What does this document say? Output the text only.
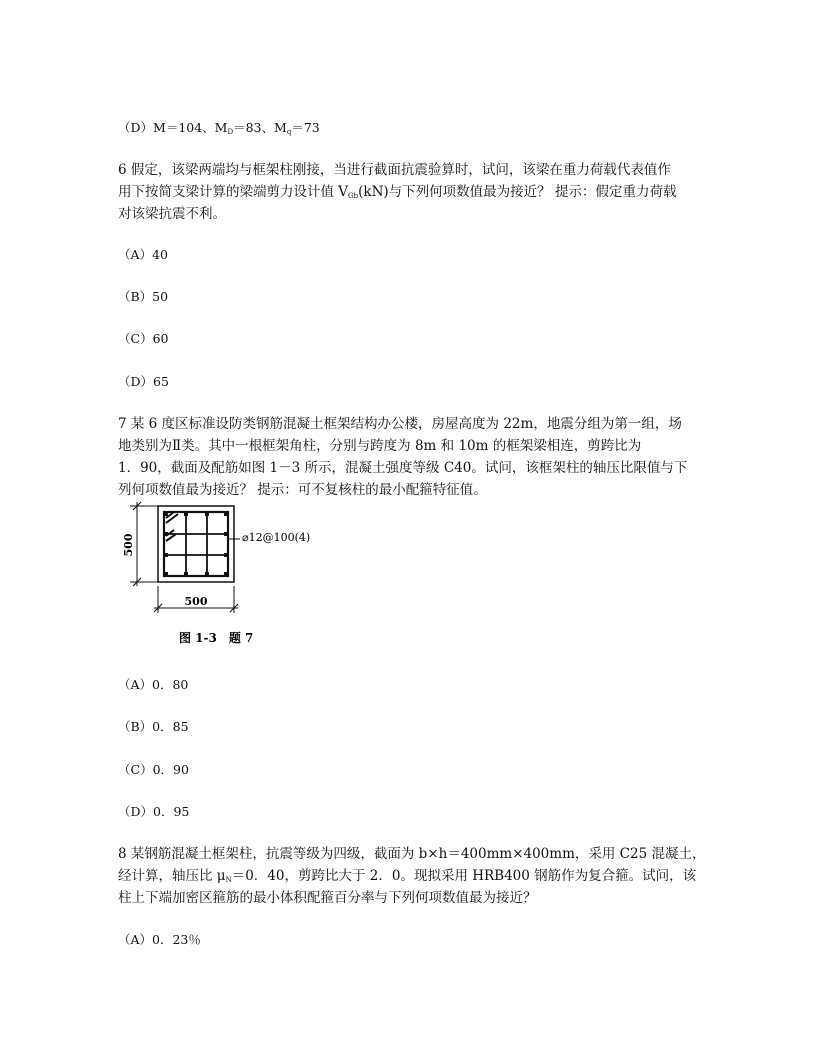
（D）M＝104、$M_D=83$、$M_q=73$
6 假定，该梁两端均与框架柱刚接，当进行截面抗震验算时，试问，该梁在重力荷载代表值作
用下按简支梁计算的梁端剪力设计值 $V_{Gb}(kN)$与下列何项数值最为接近？ 提示：假定重力荷载
对该梁抗震不利。
（A）40
（B）50
（C）60
（D）65
7 某 6 度区标准设防类钢筋混凝土框架结构办公楼，房屋高度为 22m，地震分组为第一组，场
地类别为Ⅱ类。其中一根框架角柱，分别与跨度为 8m 和 10m 的框架梁相连，剪跨比为
1．90，截面及配筋如图 1－3 所示，混凝土强度等级 C40。试问，该框架柱的轴压比限值与下
列何项数值最为接近？ 提示：可不复核柱的最小配箍特征值。
500	⌀12@100(4)
500
图 1-3　题 7
（A）0．80
（B）0．85
（C）0．90
（D）0．95
8 某钢筋混凝土框架柱，抗震等级为四级，截面为 b×h＝400mm×400mm，采用 C25 混凝土，
经计算，轴压比 $\mu_N=0$．40，剪跨比大于 2．0。现拟采用 HRB400 钢筋作为复合箍。试问，该
柱上下端加密区箍筋的最小体积配箍百分率与下列何项数值最为接近？
（A）0．23％
